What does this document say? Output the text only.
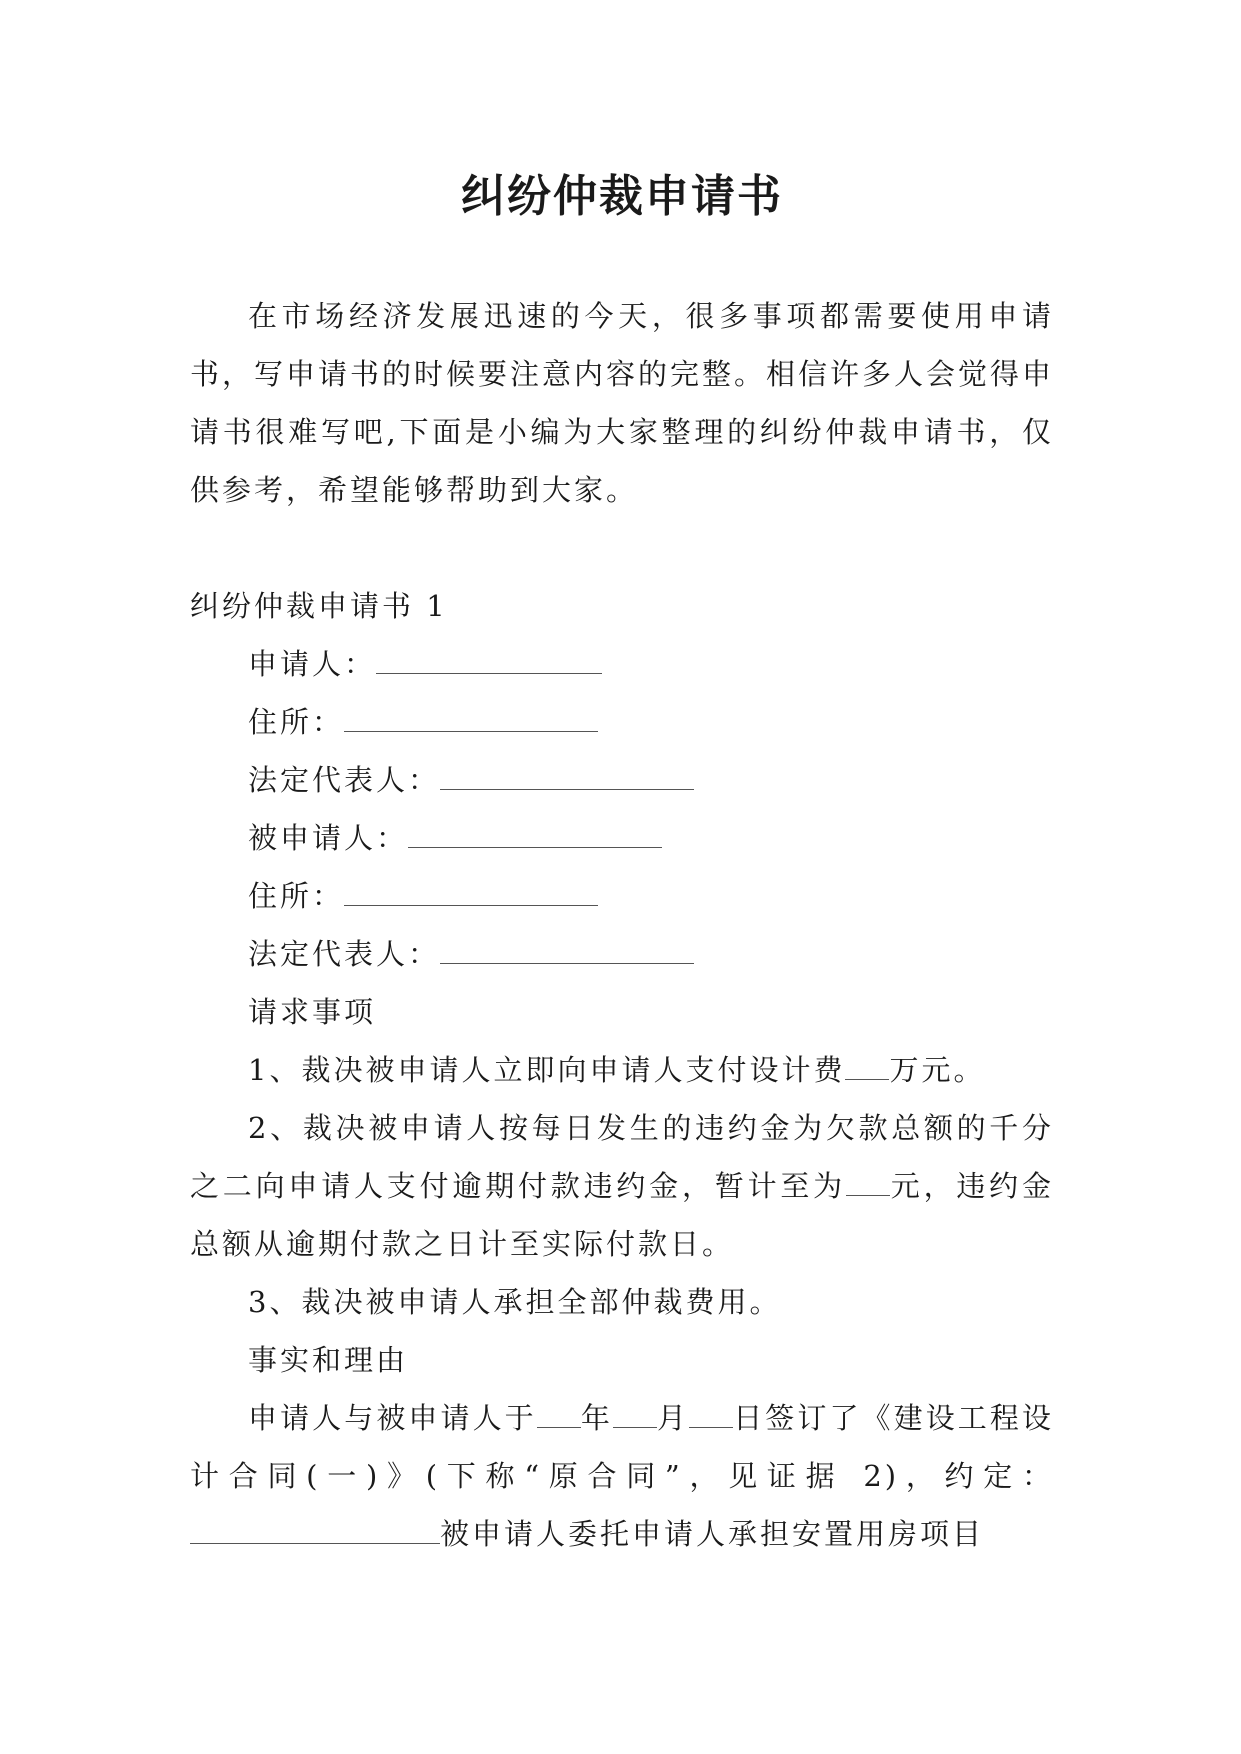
纠纷仲裁申请书

在市场经济发展迅速的今天，很多事项都需要使用申请书，写申请书的时候要注意内容的完整。相信许多人会觉得申请书很难写吧,下面是小编为大家整理的纠纷仲裁申请书，仅供参考，希望能够帮助到大家。

纠纷仲裁申请书 1

申请人：

住所：

法定代表人：

被申请人：

住所：

法定代表人：

请求事项

1、裁决被申请人立即向申请人支付设计费 万元。

2、裁决被申请人按每日发生的违约金为欠款总额的千分之二向申请人支付逾期付款违约金，暂计至为 元，违约金总额从逾期付款之日计至实际付款日。

3、裁决被申请人承担全部仲裁费用。

事实和理由

申请人与被申请人于 年 月 日签订了《建设工程设计合同(一)》(下称“原合同”，见证据 2)，约定：被申请人委托申请人承担安置用房项目
